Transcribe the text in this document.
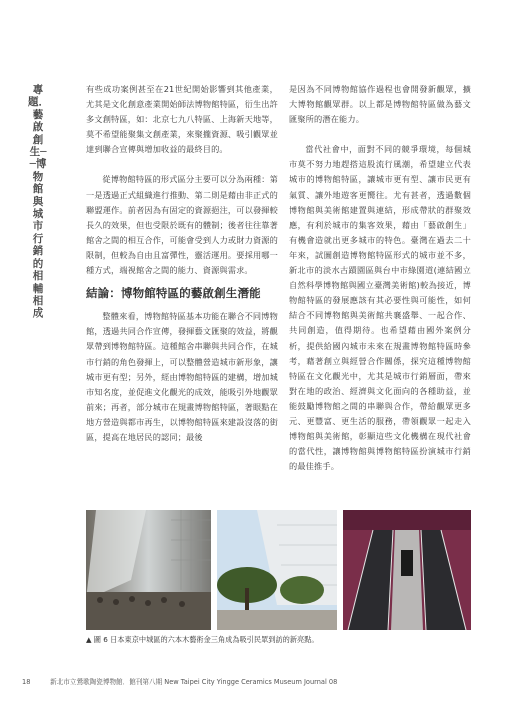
專題．藝啟創生──博物館與城市行銷的相輔相成

有些成功案例甚至在21世紀開始影響到其他產業，尤其是文化創意產業開始師法博物館特區，衍生出許多文創特區，如：北京七九八特區、上海新天地等，莫不希望能聚集文創產業，來聚攏資源、吸引觀眾並達到聯合宣傳與增加收益的最終目的。

從博物館特區的形式區分主要可以分為兩種：第一是透過正式組織進行推動、第二則是藉由非正式的聯盟運作。前者因為有固定的資源挹注，可以發揮較長久的效果，但也受限於既有的體制；後者往往靠著館舍之間的相互合作，可能會受到人力或財力資源的限制，但較為自由且富彈性，靈活運用。要採用哪一種方式，端視館舍之間的能力、資源與需求。

結論：博物館特區的藝啟創生潛能

整體來看，博物館特區基本功能在聯合不同博物館，透過共同合作宣傳，發揮藝文匯聚的效益，將觀眾帶到博物館特區。這種館舍串聯與共同合作，在城市行銷的角色發揮上，可以整體營造城市新形象，讓城市更有型；另外，經由博物館特區的建構，增加城市知名度，並促進文化觀光的成效，能吸引外地觀眾前來；再者，部分城市在規畫博物館特區，著眼點在地方營造與都市再生，以博物館特區來建設沒落的街區，提高在地居民的認同；最後

是因為不同博物館協作過程也會開發新觀眾，擴大博物館觀眾群。以上都是博物館特區做為藝文匯聚所的潛在能力。

當代社會中，面對不同的競爭環境，每個城市莫不努力地趕搭這股流行風潮，希望建立代表城市的博物館特區，讓城市更有型、讓市民更有氣質、讓外地遊客更嚮往。尤有甚者，透過數個博物館與美術館建置與連結，形成帶狀的群聚效應，有利於城市的集客效果，藉由「藝啟創生」有機會造就出更多城市的特色。臺灣在過去二十年來，試圖創造博物館特區形式的城市並不多，新北市的淡水古蹟園區與台中市綠園道(連結國立自然科學博物館與國立臺灣美術館)較為接近，博物館特區的發展應該有其必要性與可能性，如何結合不同博物館與美術館共襄盛舉、一起合作、共同創造，值得期待。也希望藉由國外案例分析，提供給國內城市未來在規畫博物館特區時參考，藉著創立與經營合作關係，探究這種博物館特區在文化觀光中，尤其是城市行銷層面，帶來對在地的政治、經濟與文化面向的各種助益，並能鼓勵博物館之間的串聯與合作，帶給觀眾更多元、更豐富、更生活的服務，帶領觀眾一起走入博物館與美術館，彰顯這些文化機構在現代社會的當代性，讓博物館與博物館特區扮演城市行銷的最佳推手。

▲ 圖 6 日本東京中城區的六本木藝術金三角成為吸引民眾到訪的新亮點。
18	新北市立鶯歌陶瓷博物館．館刊第八期 New Taipei City Yingge Ceramics Museum Journal 08
